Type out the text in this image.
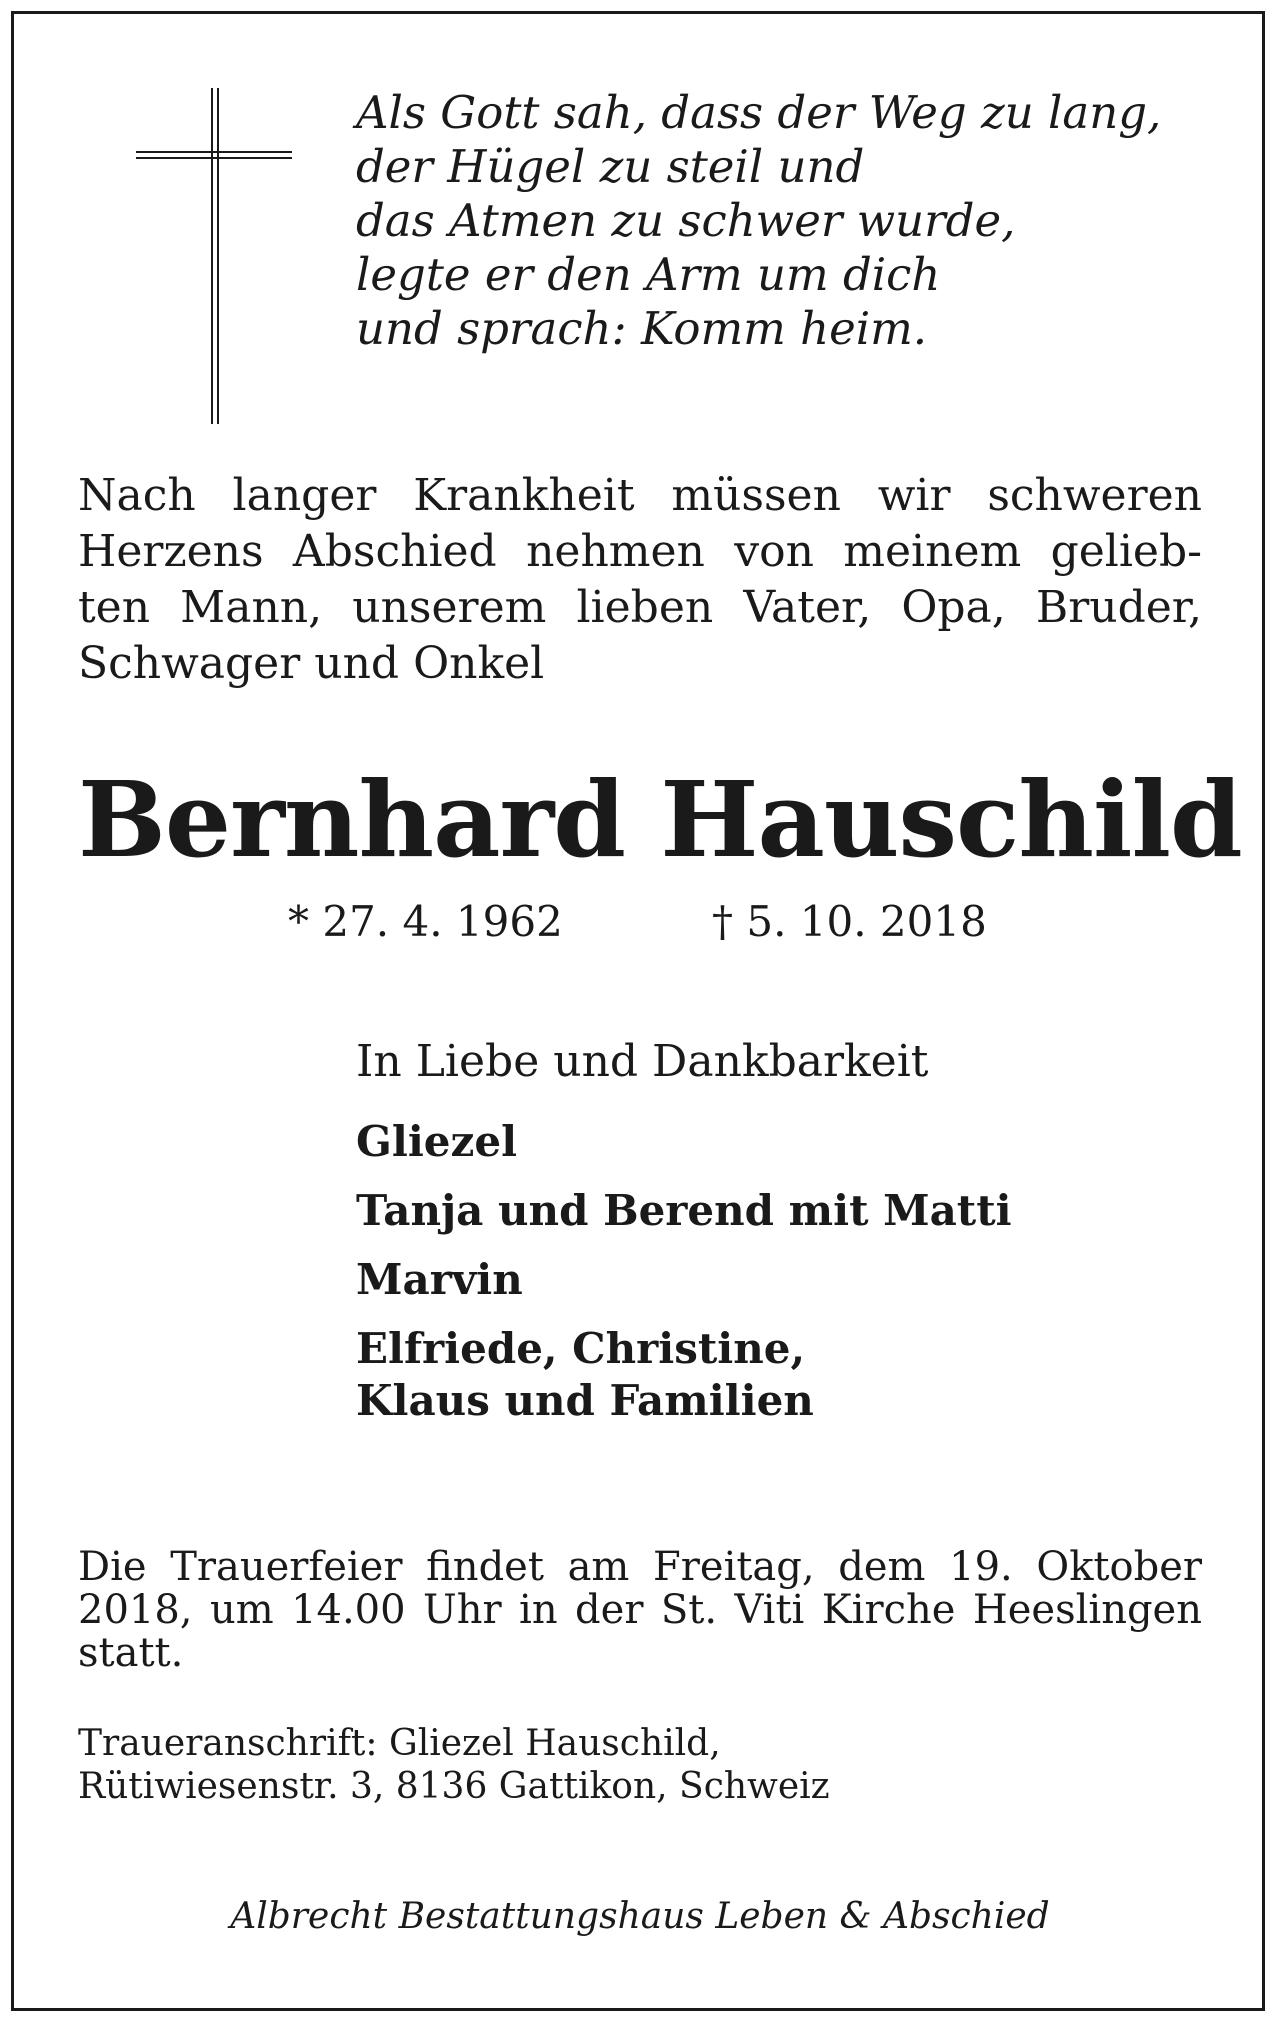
Als Gott sah, dass der Weg zu lang,
der Hügel zu steil und
das Atmen zu schwer wurde,
legte er den Arm um dich
und sprach: Komm heim.
Nach langer Krankheit müssen wir schweren
Herzens Abschied nehmen von meinem gelieb-
ten Mann, unserem lieben Vater, Opa, Bruder,
Schwager und Onkel
Bernhard Hauschild
* 27. 4. 1962	† 5. 10. 2018
In Liebe und Dankbarkeit
Gliezel
Tanja und Berend mit Matti
Marvin
Elfriede, Christine,
Klaus und Familien
Die Trauerfeier findet am Freitag, dem 19. Oktober
2018, um 14.00 Uhr in der St. Viti Kirche Heeslingen
statt.
Traueranschrift: Gliezel Hauschild,
Rütiwiesenstr. 3, 8136 Gattikon, Schweiz
Albrecht Bestattungshaus Leben & Abschied
